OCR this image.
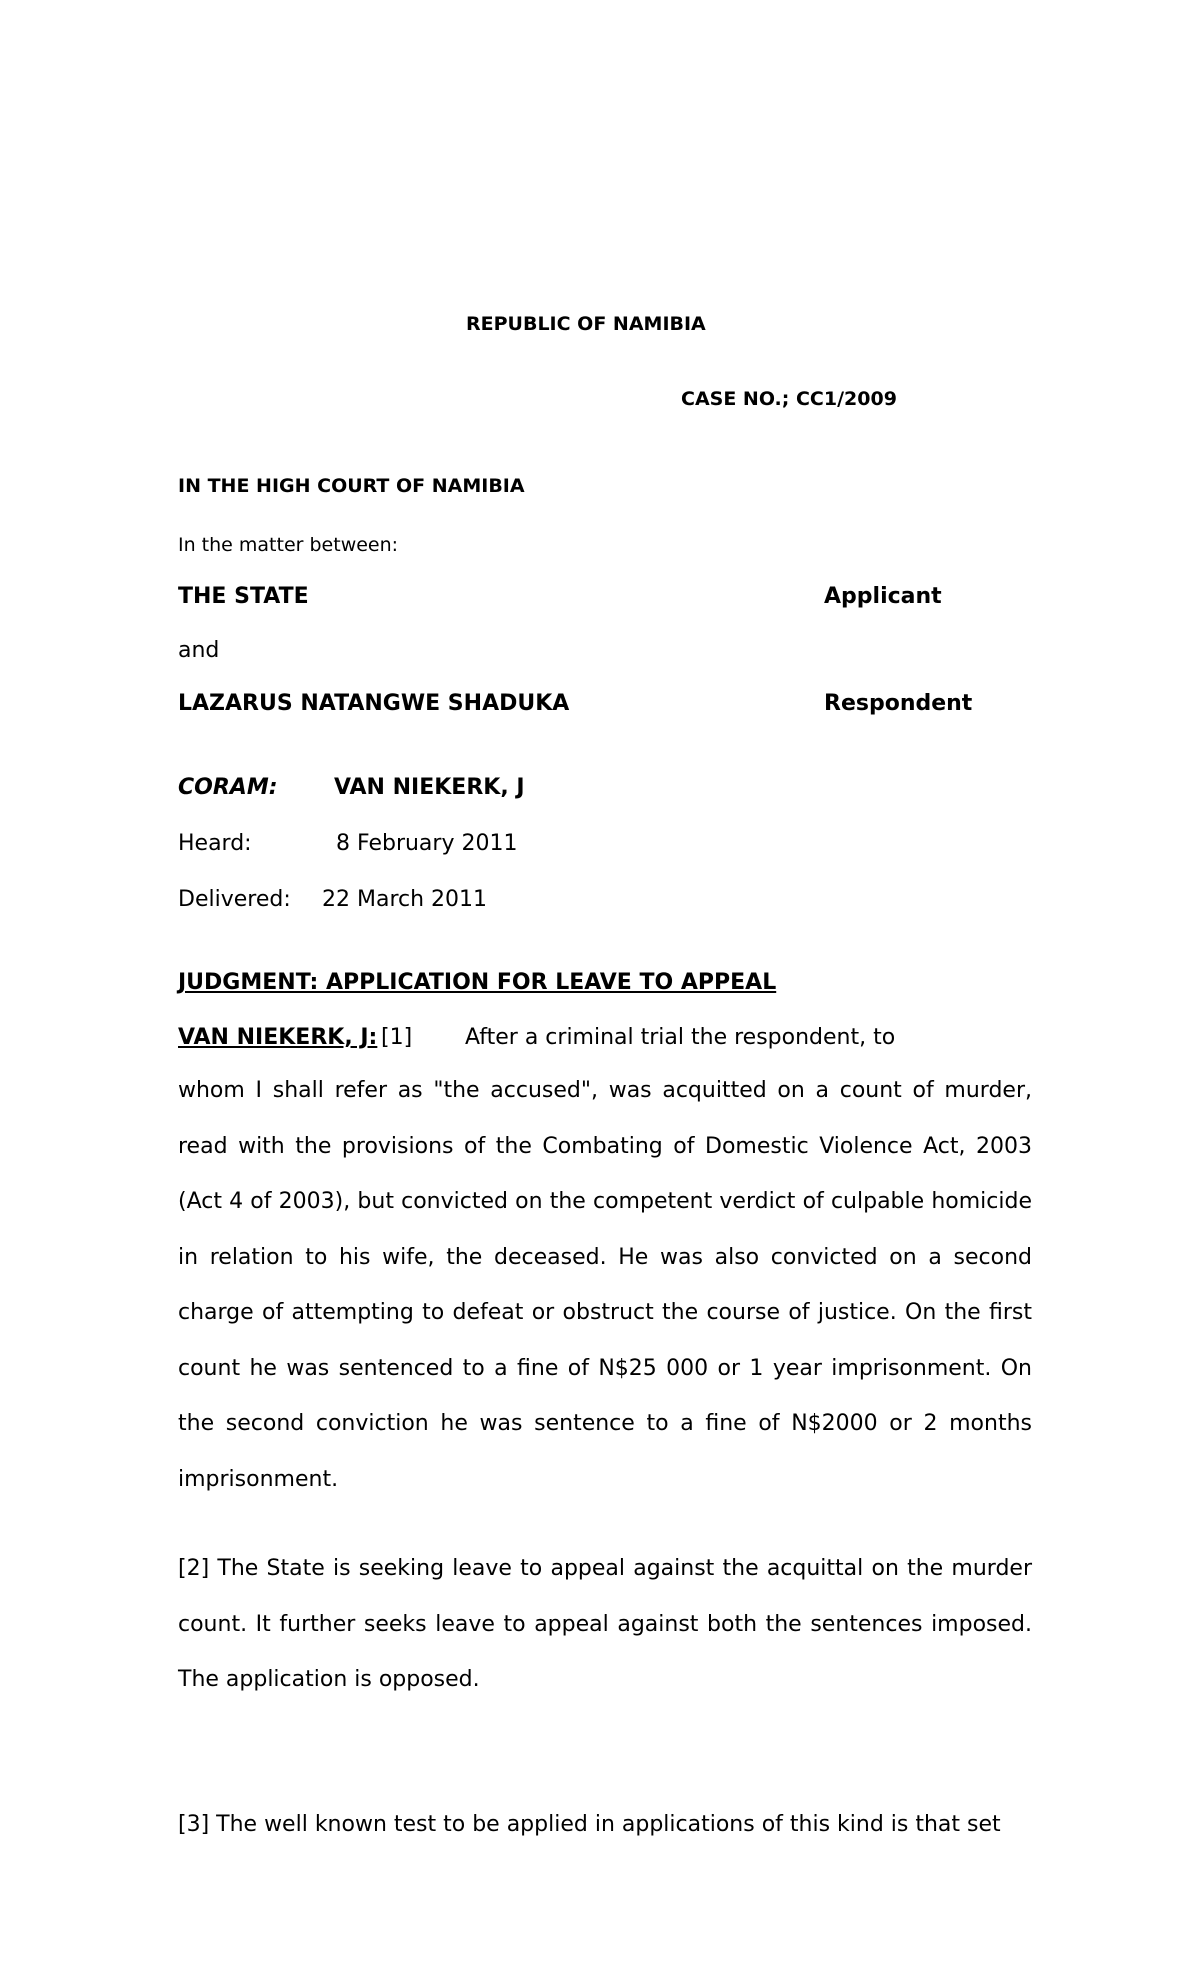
REPUBLIC OF NAMIBIA
CASE NO.; CC1/2009
IN THE HIGH COURT OF NAMIBIA
In the matter between:
THE STATE	Applicant
and
LAZARUS NATANGWE SHADUKA	Respondent
CORAM:	VAN NIEKERK, J
Heard:	8 February 2011
Delivered: 22 March 2011
JUDGMENT: APPLICATION FOR LEAVE TO APPEAL
VAN NIEKERK, J: [1] After a criminal trial the respondent, to
whom I shall refer as "the accused", was acquitted on a count of murder, read with the provisions of the Combating of Domestic Violence Act, 2003 (Act 4 of 2003), but convicted on the competent verdict of culpable homicide in relation to his wife, the deceased. He was also convicted on a second charge of attempting to defeat or obstruct the course of justice. On the first count he was sentenced to a fine of N$25 000 or 1 year imprisonment. On the second conviction he was sentence to a fine of N$2000 or 2 months imprisonment.
[2] The State is seeking leave to appeal against the acquittal on the murder count. It further seeks leave to appeal against both the sentences imposed. The application is opposed.
[3] The well known test to be applied in applications of this kind is that set
